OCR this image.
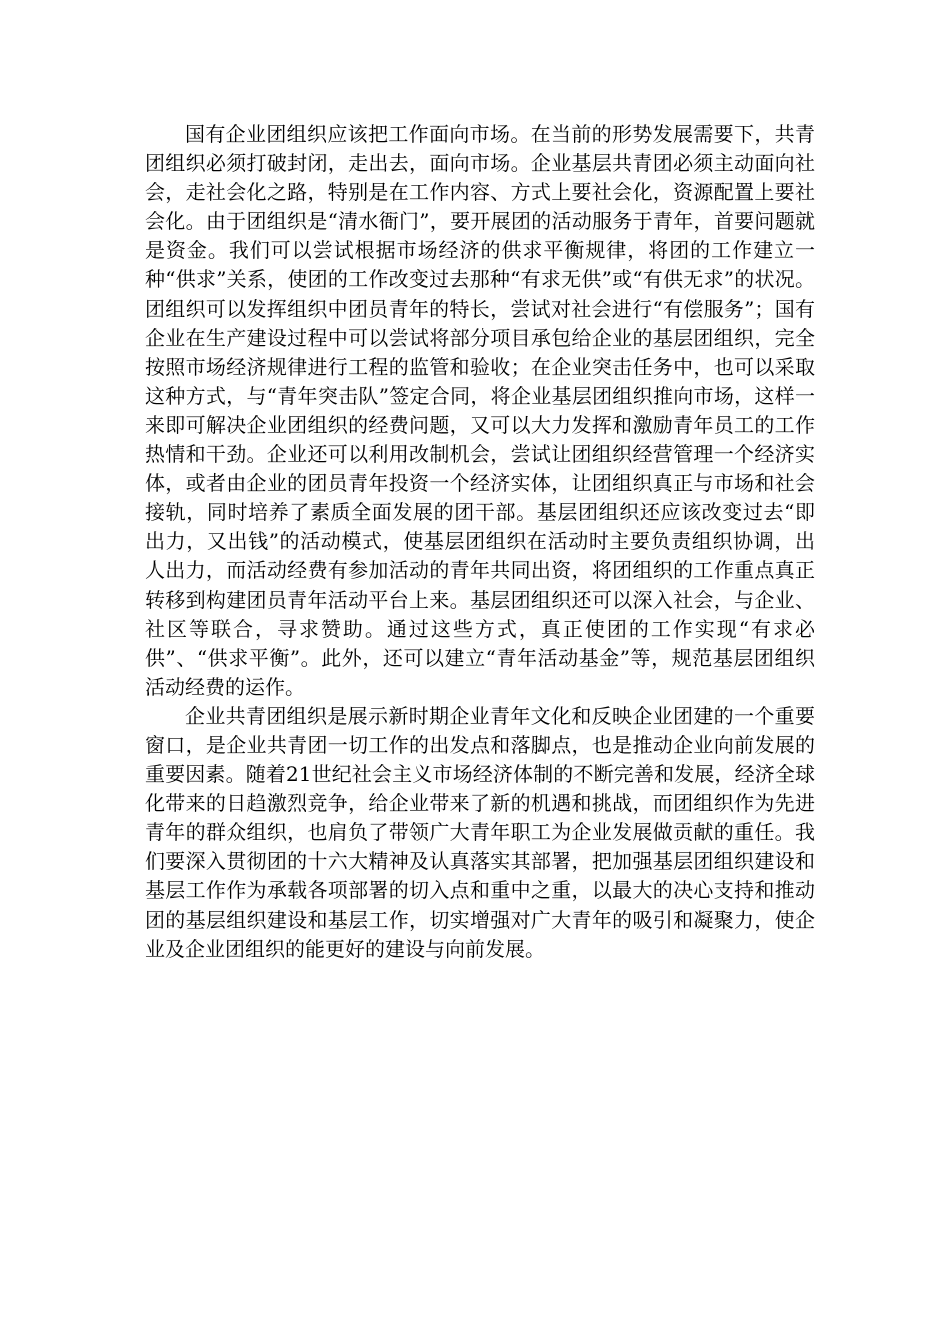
国有企业团组织应该把工作面向市场。在当前的形势发展需要下，共青团组织必须打破封闭，走出去，面向市场。企业基层共青团必须主动面向社会，走社会化之路，特别是在工作内容、方式上要社会化，资源配置上要社会化。由于团组织是“清水衙门”，要开展团的活动服务于青年，首要问题就是资金。我们可以尝试根据市场经济的供求平衡规律，将团的工作建立一种“供求”关系，使团的工作改变过去那种“有求无供”或“有供无求”的状况。团组织可以发挥组织中团员青年的特长，尝试对社会进行“有偿服务”；国有企业在生产建设过程中可以尝试将部分项目承包给企业的基层团组织，完全按照市场经济规律进行工程的监管和验收；在企业突击任务中，也可以采取这种方式，与“青年突击队”签定合同，将企业基层团组织推向市场，这样一来即可解决企业团组织的经费问题，又可以大力发挥和激励青年员工的工作热情和干劲。企业还可以利用改制机会，尝试让团组织经营管理一个经济实体，或者由企业的团员青年投资一个经济实体，让团组织真正与市场和社会接轨，同时培养了素质全面发展的团干部。基层团组织还应该改变过去“即出力，又出钱”的活动模式，使基层团组织在活动时主要负责组织协调，出人出力，而活动经费有参加活动的青年共同出资，将团组织的工作重点真正转移到构建团员青年活动平台上来。基层团组织还可以深入社会，与企业、社区等联合，寻求赞助。通过这些方式，真正使团的工作实现“有求必供”、“供求平衡”。此外，还可以建立“青年活动基金”等，规范基层团组织活动经费的运作。

企业共青团组织是展示新时期企业青年文化和反映企业团建的一个重要窗口，是企业共青团一切工作的出发点和落脚点，也是推动企业向前发展的重要因素。随着21世纪社会主义市场经济体制的不断完善和发展，经济全球化带来的日趋激烈竞争，给企业带来了新的机遇和挑战，而团组织作为先进青年的群众组织，也肩负了带领广大青年职工为企业发展做贡献的重任。我们要深入贯彻团的十六大精神及认真落实其部署，把加强基层团组织建设和基层工作作为承载各项部署的切入点和重中之重，以最大的决心支持和推动团的基层组织建设和基层工作，切实增强对广大青年的吸引和凝聚力，使企业及企业团组织的能更好的建设与向前发展。
